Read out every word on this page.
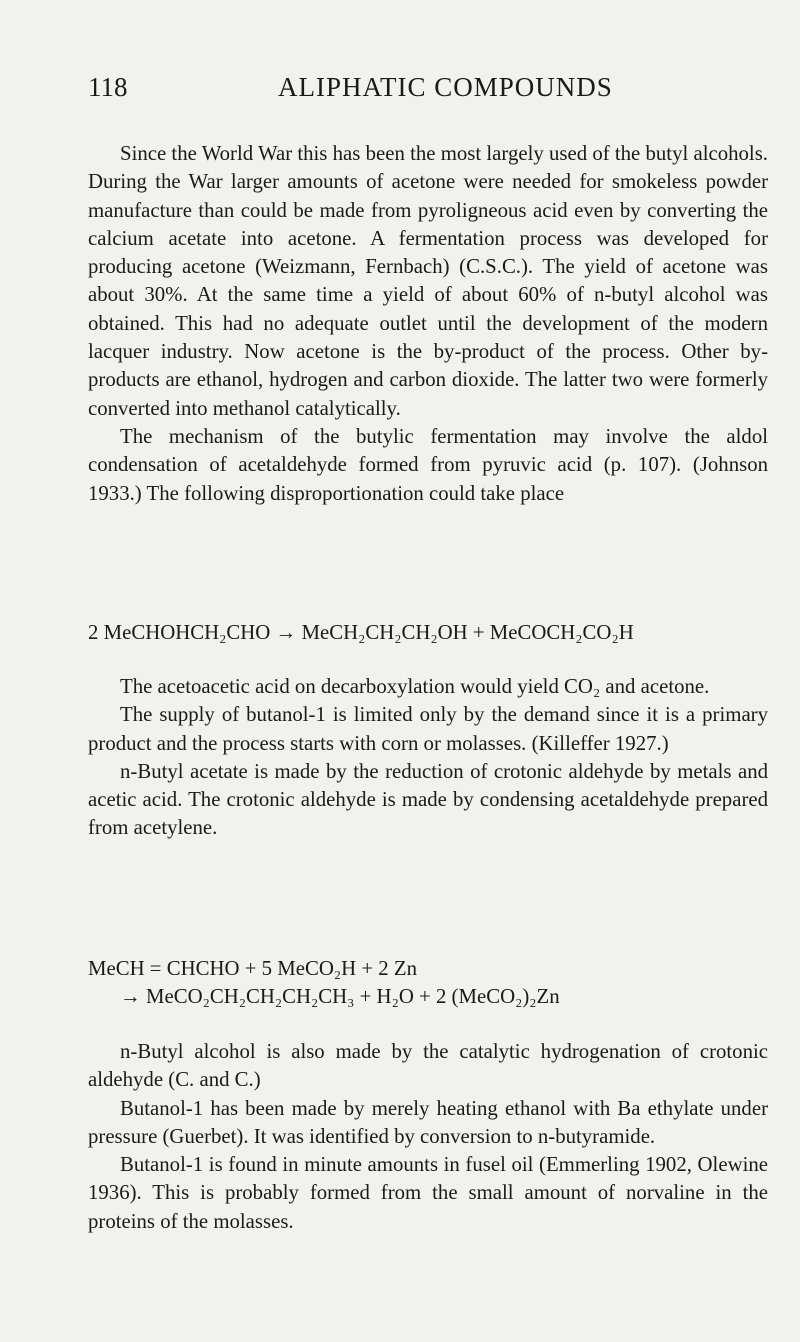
118	ALIPHATIC COMPOUNDS

Since the World War this has been the most largely used of the butyl alcohols. During the War larger amounts of acetone were needed for smokeless powder manufacture than could be made from pyroligneous acid even by converting the calcium acetate into acetone. A fermentation process was developed for producing acetone (Weizmann, Fernbach) (C.S.C.). The yield of acetone was about 30%. At the same time a yield of about 60% of n-butyl alcohol was obtained. This had no adequate outlet until the development of the modern lacquer industry. Now acetone is the by-product of the process. Other by-products are ethanol, hydrogen and carbon dioxide. The latter two were formerly converted into methanol catalytically.

The mechanism of the butylic fermentation may involve the aldol condensation of acetaldehyde formed from pyruvic acid (p. 107). (Johnson 1933.) The following disproportionation could take place

2 MeCHOHCH₂CHO → MeCH₂CH₂CH₂OH + MeCOCH₂CO₂H

The acetoacetic acid on decarboxylation would yield CO₂ and acetone.

The supply of butanol-1 is limited only by the demand since it is a primary product and the process starts with corn or molasses. (Killeffer 1927.)

n-Butyl acetate is made by the reduction of crotonic aldehyde by metals and acetic acid. The crotonic aldehyde is made by condensing acetaldehyde prepared from acetylene.

MeCH = CHCHO + 5 MeCO₂H + 2 Zn
→ MeCO₂CH₂CH₂CH₂CH₃ + H₂O + 2 (MeCO₂)₂Zn

n-Butyl alcohol is also made by the catalytic hydrogenation of crotonic aldehyde (C. and C.)

Butanol-1 has been made by merely heating ethanol with Ba ethylate under pressure (Guerbet). It was identified by conversion to n-butyramide.

Butanol-1 is found in minute amounts in fusel oil (Emmerling 1902, Olewine 1936). This is probably formed from the small amount of norvaline in the proteins of the molasses.
